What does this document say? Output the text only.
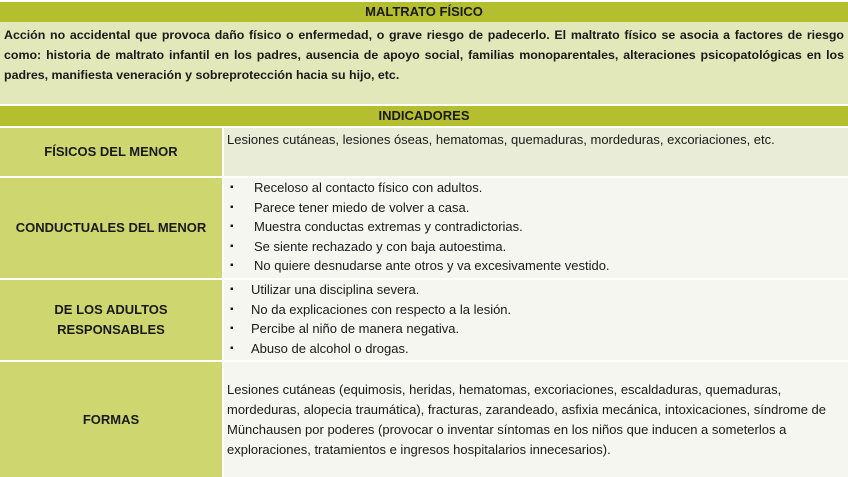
MALTRATO FÍSICO
Acción no accidental que provoca daño físico o enfermedad, o grave riesgo de padecerlo. El maltrato físico se asocia a factores de riesgo como: historia de maltrato infantil en los padres, ausencia de apoyo social, familias monoparentales, alteraciones psicopatológicas en los padres, manifiesta veneración y sobreprotección hacia su hijo, etc.
INDICADORES
FÍSICOS DEL MENOR
Lesiones cutáneas, lesiones óseas, hematomas, quemaduras, mordeduras, excoriaciones, etc.
CONDUCTUALES DEL MENOR
▪ Receloso al contacto físico con adultos.
▪ Parece tener miedo de volver a casa.
▪ Muestra conductas extremas y contradictorias.
▪ Se siente rechazado y con baja autoestima.
▪ No quiere desnudarse ante otros y va excesivamente vestido.
DE LOS ADULTOS RESPONSABLES
▪ Utilizar una disciplina severa.
▪ No da explicaciones con respecto a la lesión.
▪ Percibe al niño de manera negativa.
▪ Abuso de alcohol o drogas.
FORMAS
Lesiones cutáneas (equimosis, heridas, hematomas, excoriaciones, escaldaduras, quemaduras, mordeduras, alopecia traumática), fracturas, zarandeado, asfixia mecánica, intoxicaciones, síndrome de Münchausen por poderes (provocar o inventar síntomas en los niños que inducen a someterlos a exploraciones, tratamientos e ingresos hospitalarios innecesarios).
